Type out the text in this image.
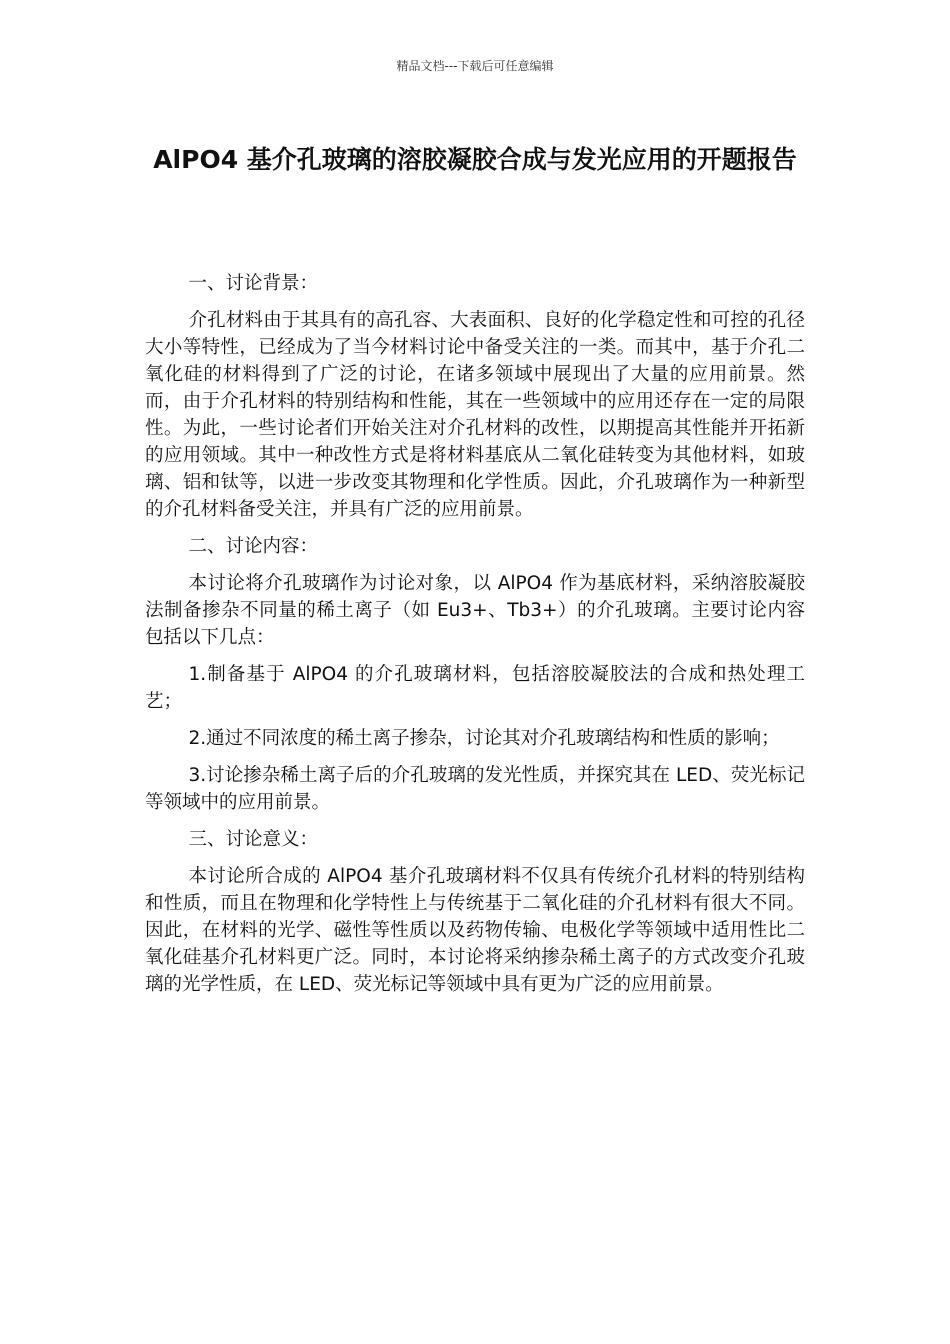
精品文档---下载后可任意编辑
AlPO4 基介孔玻璃的溶胶凝胶合成与发光应用的开题报告

一、讨论背景：

介孔材料由于其具有的高孔容、大表面积、良好的化学稳定性和可控的孔径大小等特性，已经成为了当今材料讨论中备受关注的一类。而其中，基于介孔二氧化硅的材料得到了广泛的讨论，在诸多领域中展现出了大量的应用前景。然而，由于介孔材料的特别结构和性能，其在一些领域中的应用还存在一定的局限性。为此，一些讨论者们开始关注对介孔材料的改性，以期提高其性能并开拓新的应用领域。其中一种改性方式是将材料基底从二氧化硅转变为其他材料，如玻璃、铝和钛等，以进一步改变其物理和化学性质。因此，介孔玻璃作为一种新型的介孔材料备受关注，并具有广泛的应用前景。

二、讨论内容：

本讨论将介孔玻璃作为讨论对象，以 AlPO4 作为基底材料，采纳溶胶凝胶法制备掺杂不同量的稀土离子（如 Eu3+、Tb3+）的介孔玻璃。主要讨论内容包括以下几点：

1.制备基于 AlPO4 的介孔玻璃材料，包括溶胶凝胶法的合成和热处理工艺；

2.通过不同浓度的稀土离子掺杂，讨论其对介孔玻璃结构和性质的影响；

3.讨论掺杂稀土离子后的介孔玻璃的发光性质，并探究其在 LED、荧光标记等领域中的应用前景。

三、讨论意义：

本讨论所合成的 AlPO4 基介孔玻璃材料不仅具有传统介孔材料的特别结构和性质，而且在物理和化学特性上与传统基于二氧化硅的介孔材料有很大不同。因此，在材料的光学、磁性等性质以及药物传输、电极化学等领域中适用性比二氧化硅基介孔材料更广泛。同时，本讨论将采纳掺杂稀土离子的方式改变介孔玻璃的光学性质，在 LED、荧光标记等领域中具有更为广泛的应用前景。
